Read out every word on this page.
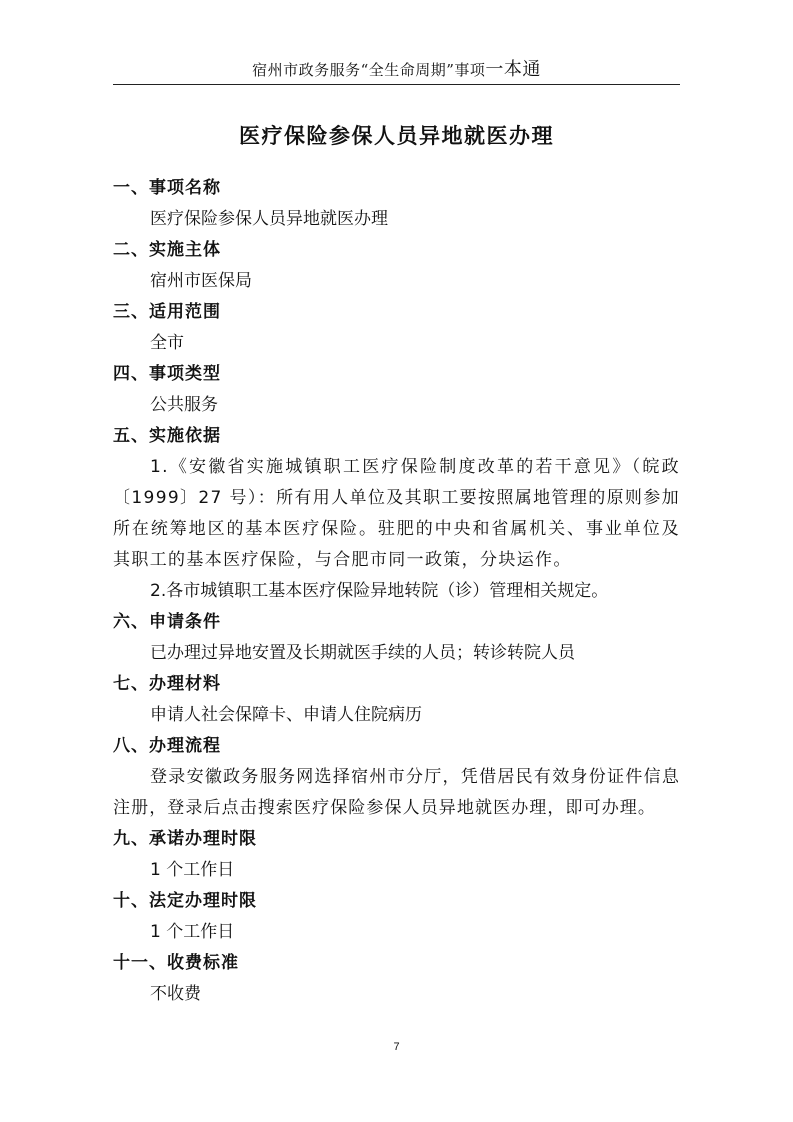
宿州市政务服务“全生命周期”事项一本通
医疗保险参保人员异地就医办理
一、事项名称
医疗保险参保人员异地就医办理
二、实施主体
宿州市医保局
三、适用范围
全市
四、事项类型
公共服务
五、实施依据
1.《安徽省实施城镇职工医疗保险制度改革的若干意见》（皖政〔1999〕27 号）：所有用人单位及其职工要按照属地管理的原则参加所在统筹地区的基本医疗保险。驻肥的中央和省属机关、事业单位及其职工的基本医疗保险，与合肥市同一政策，分块运作。
2.各市城镇职工基本医疗保险异地转院（诊）管理相关规定。
六、申请条件
已办理过异地安置及长期就医手续的人员；转诊转院人员
七、办理材料
申请人社会保障卡、申请人住院病历
八、办理流程
登录安徽政务服务网选择宿州市分厅，凭借居民有效身份证件信息注册，登录后点击搜索医疗保险参保人员异地就医办理，即可办理。
九、承诺办理时限
1 个工作日
十、法定办理时限
1 个工作日
十一、收费标准
不收费
7
